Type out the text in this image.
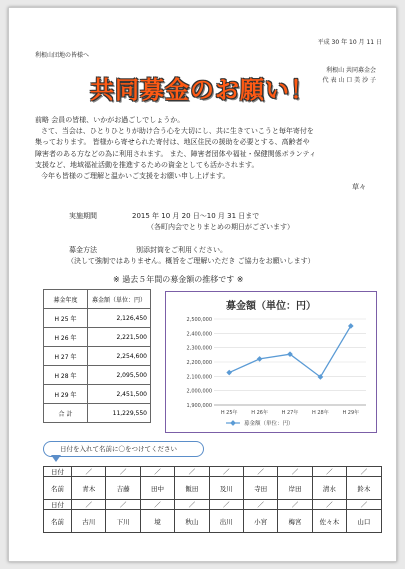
平成 30 年 10 月 11 日
利根山団地の皆様へ
利根山 共同募金会
代 表 山 口 美 沙 子
共同募金のお願い！
前略 会員の皆様、いかがお過ごしでしょうか。
さて、当会は、ひとりひとりが助け合う心を大切にし、共に生きていこうと毎年寄付を
集っております。 皆様から寄せられた寄付は、地区住民の援助を必要とする、高齢者や
障害者のある方などの為に利用されます。 また、障害者団体や福祉・保健関係ボランティ
支援など、地域福祉活動を推進するための資金としても活かされます。
今年も皆様のご理解と温かいご支援をお願い申し上げます。
草々
実施期間	2015 年 10 月 20 日～10 月 31 日まで
（各町内会でとりまとめの期日がございます）
募金方法	別添封筒をご利用ください。
（決して強制ではありません。概旨をご理解いただき ご協力をお願いします）
※ 過去５年間の募金額の推移です ※
募金年度	募金額（単位：円）
H 25 年	2,126,450
H 26 年	2,221,500
H 27 年	2,254,600
H 28 年	2,095,500
H 29 年	2,451,500
合 計	11,229,550
募金額（単位：円）
2,500,000
2,400,000
2,300,000
2,200,000
2,100,000
2,000,000
1,900,000
H 25年	H 26年	H 27年	H 28年	H 29年
募金額（単位：円）
日付を入れて名前に〇をつけてください
日付	／	／	／	／	／	／	／	／	／
名前	青木	吉藤	田中	飯田	及川	寺田	岸田	清水	鈴木
日付	／	／	／	／	／	／	／	／	／
名前	古川	下川	境	秋山	出川	小宮	梅宮	佐々木	山口
